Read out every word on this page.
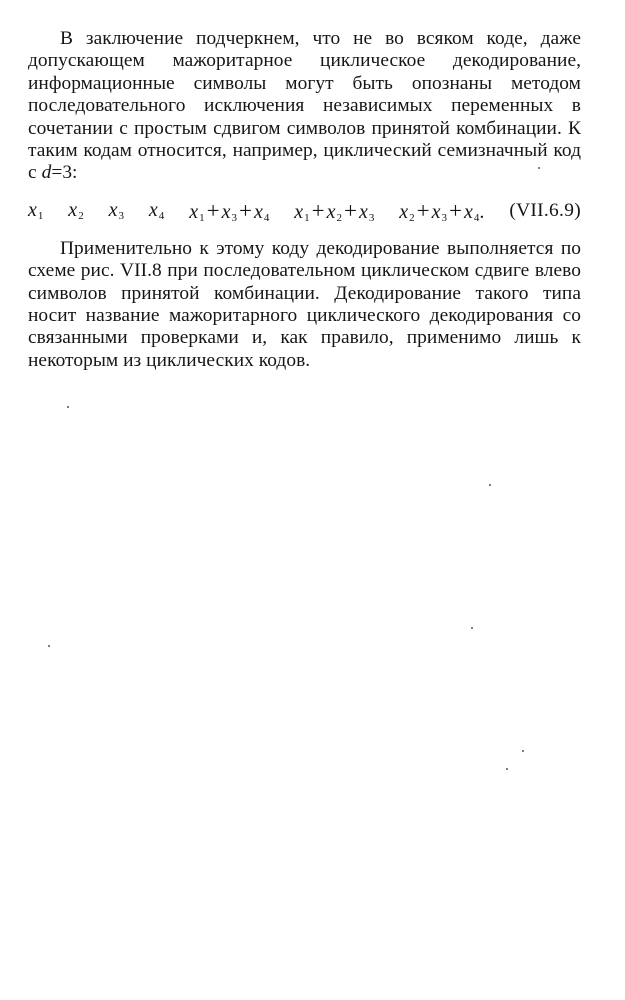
В заключение подчеркнем, что не во всяком коде, даже допускающем мажоритарное циклическое декодирование, информационные символы могут быть опознаны методом последовательного исключения независимых переменных в сочетании с простым сдвигом символов принятой комбинации. К таким кодам относится, например, циклический семизначный код с d=3:

x 1 x 2 x 3 x 4 x 1 + x 3 + x 4 x 1 + x 2 + x 3 x 2 + x 3 + x 4 . (VII.6.9)

Применительно к этому коду декодирование выполняется по схеме рис. VII.8 при последовательном циклическом сдвиге влево символов принятой комбинации. Декодирование такого типа носит название мажоритарного циклического декодирования со связанными проверками и, как правило, применимо лишь к некоторым из циклических кодов.
